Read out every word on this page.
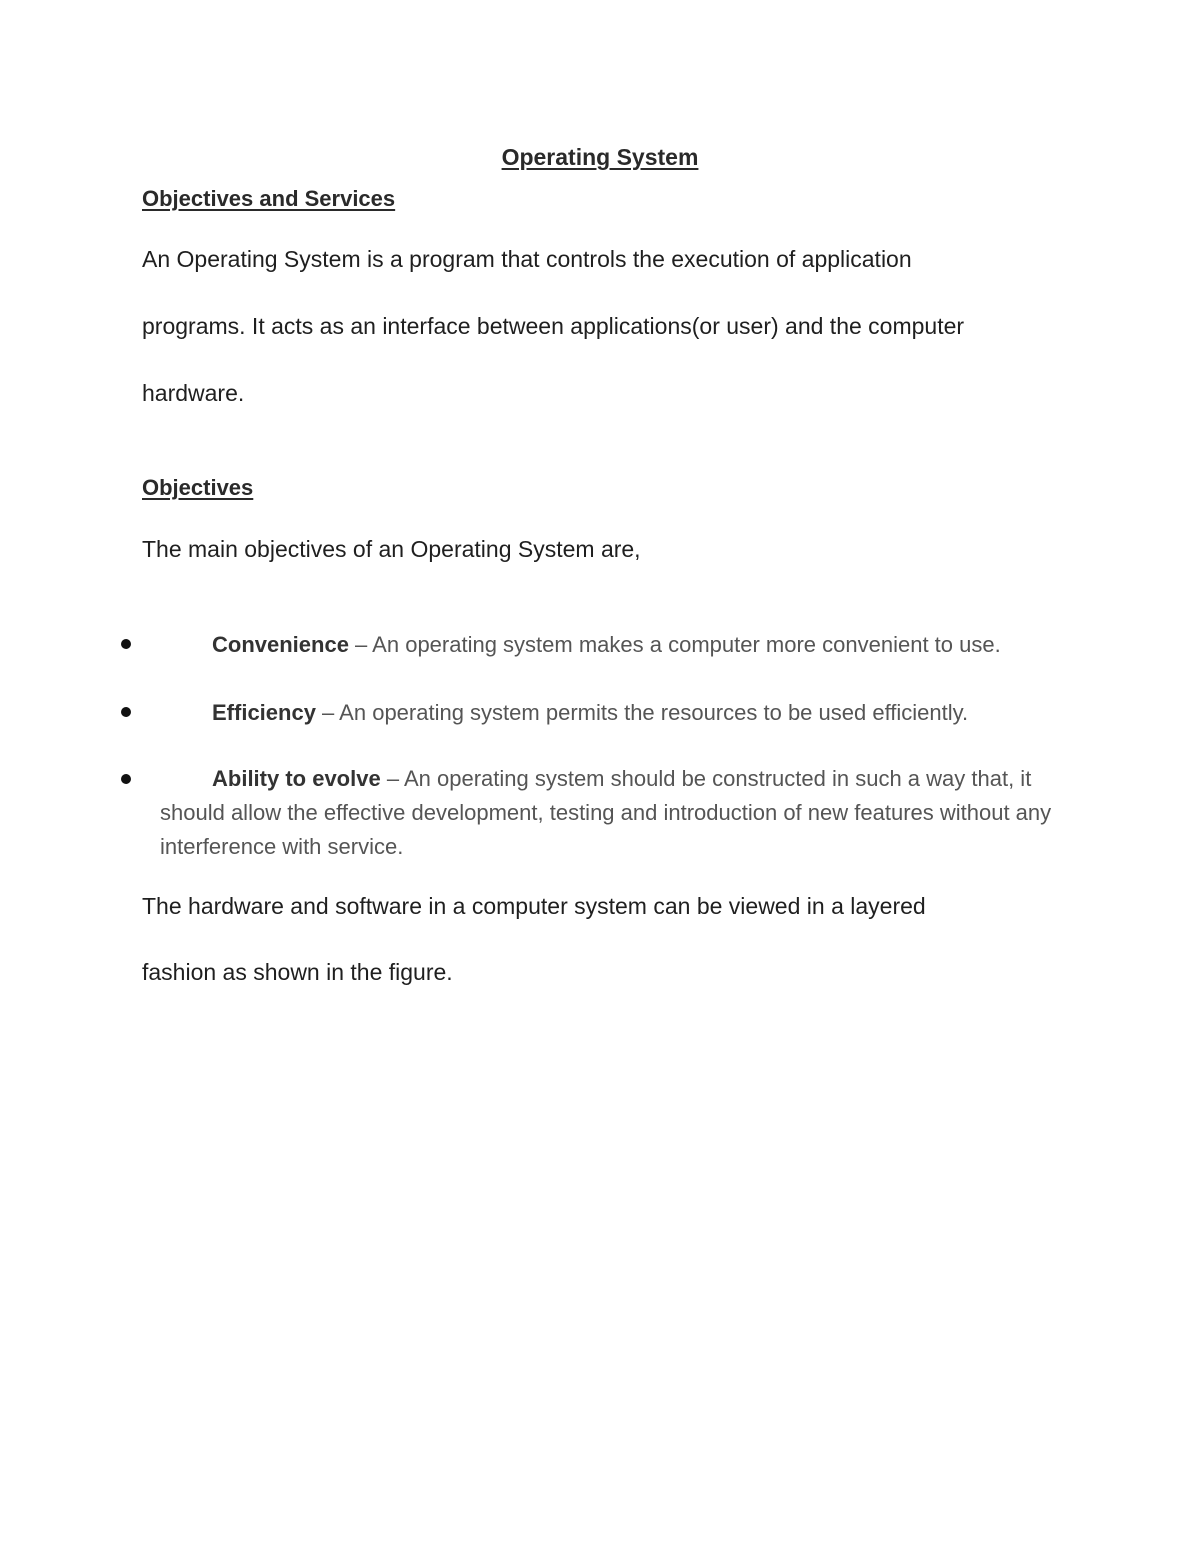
Operating System
Objectives and Services
An Operating System is a program that controls the execution of application
programs. It acts as an interface between applications(or user) and the computer
hardware.
Objectives
The main objectives of an Operating System are,
Convenience – An operating system makes a computer more convenient to use.
Efficiency – An operating system permits the resources to be used efficiently.
Ability to evolve – An operating system should be constructed in such a way that, it should allow the effective development, testing and introduction of new features without any interference with service.
The hardware and software in a computer system can be viewed in a layered
fashion as shown in the figure.
